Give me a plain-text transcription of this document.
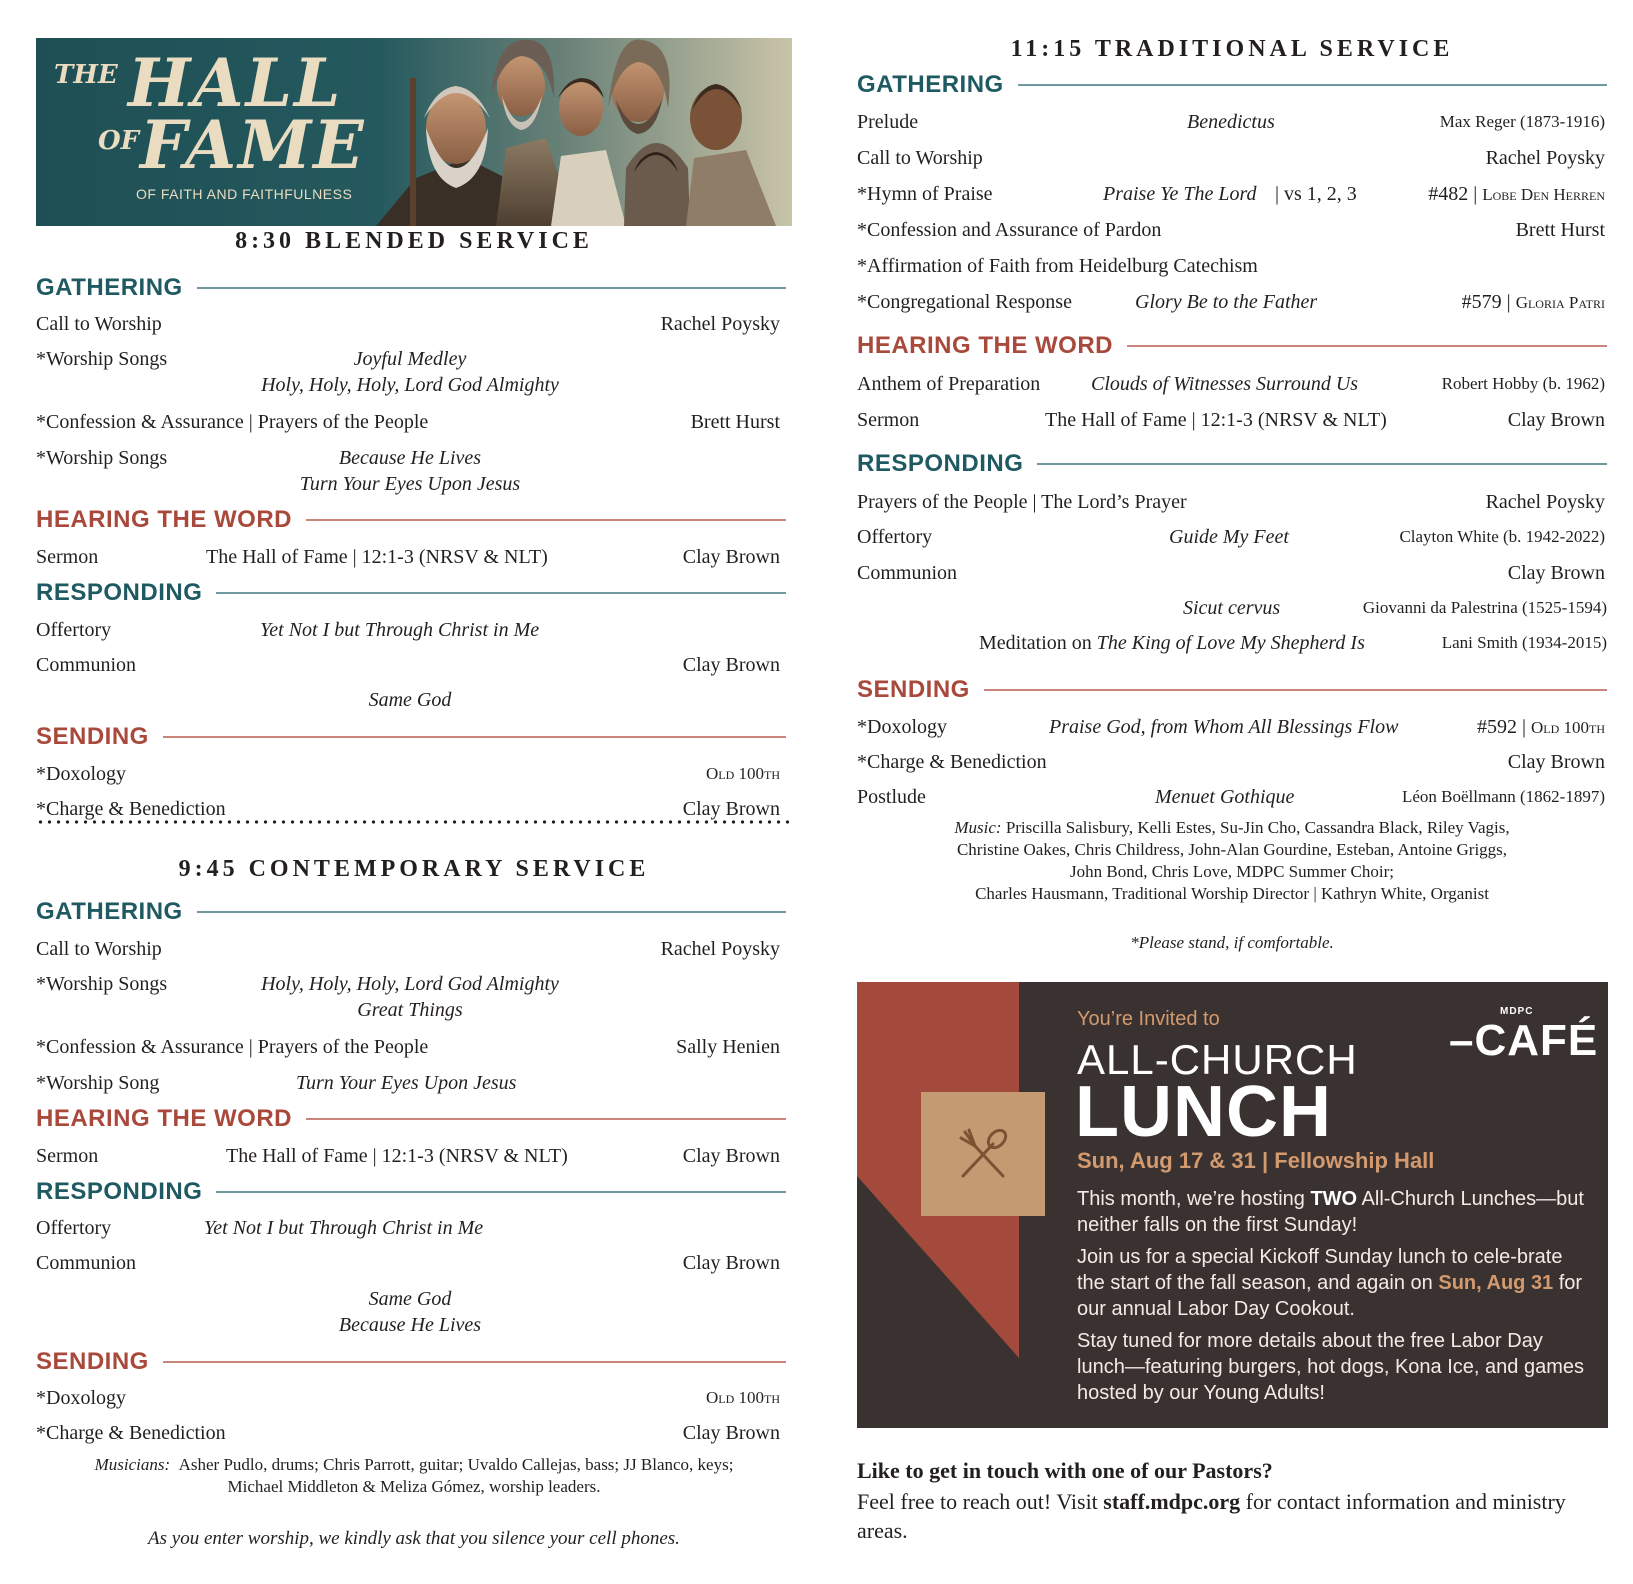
THE HALL
OF FAME
OF FAITH AND FAITHFULNESS
8:30 BLENDED SERVICE
GATHERING
Call to Worship	Rachel Poysky
*Worship Songs	Joyful Medley
Holy, Holy, Holy, Lord God Almighty
*Confession & Assurance | Prayers of the People	Brett Hurst
*Worship Songs	Because He Lives
Turn Your Eyes Upon Jesus
HEARING THE WORD
Sermon	The Hall of Fame | 12:1-3 (NRSV & NLT)	Clay Brown
RESPONDING
Offertory	Yet Not I but Through Christ in Me
Communion	Clay Brown
Same God
SENDING
*Doxology	Old 100th
*Charge & Benediction	Clay Brown
9:45 CONTEMPORARY SERVICE
GATHERING
Call to Worship	Rachel Poysky
*Worship Songs	Holy, Holy, Holy, Lord God Almighty
Great Things
*Confession & Assurance | Prayers of the People	Sally Henien
*Worship Song	Turn Your Eyes Upon Jesus
HEARING THE WORD
Sermon	The Hall of Fame | 12:1-3 (NRSV & NLT)	Clay Brown
RESPONDING
Offertory	Yet Not I but Through Christ in Me
Communion	Clay Brown
Same God
Because He Lives
SENDING
*Doxology	Old 100th
*Charge & Benediction	Clay Brown
Musicians: Asher Pudlo, drums; Chris Parrott, guitar; Uvaldo Callejas, bass; JJ Blanco, keys;
Michael Middleton & Meliza Gómez, worship leaders.
As you enter worship, we kindly ask that you silence your cell phones.
11:15 TRADITIONAL SERVICE
GATHERING
Prelude	Benedictus	Max Reger (1873-1916)
Call to Worship	Rachel Poysky
*Hymn of Praise	Praise Ye The Lord | vs 1, 2, 3	#482 | Lobe Den Herren
*Confession and Assurance of Pardon	Brett Hurst
*Affirmation of Faith from Heidelburg Catechism
*Congregational Response	Glory Be to the Father	#579 | Gloria Patri
HEARING THE WORD
Anthem of Preparation	Clouds of Witnesses Surround Us	Robert Hobby (b. 1962)
Sermon	The Hall of Fame | 12:1-3 (NRSV & NLT)	Clay Brown
RESPONDING
Prayers of the People | The Lord’s Prayer	Rachel Poysky
Offertory	Guide My Feet	Clayton White (b. 1942-2022)
Communion	Clay Brown
Sicut cervus	Giovanni da Palestrina (1525-1594)
Meditation on The King of Love My Shepherd Is	Lani Smith (1934-2015)
SENDING
*Doxology	Praise God, from Whom All Blessings Flow	#592 | Old 100th
*Charge & Benediction	Clay Brown
Postlude	Menuet Gothique	Léon Boëllmann (1862-1897)
Music: Priscilla Salisbury, Kelli Estes, Su-Jin Cho, Cassandra Black, Riley Vagis,
Christine Oakes, Chris Childress, John-Alan Gourdine, Esteban, Antoine Griggs,
John Bond, Chris Love, MDPC Summer Choir;
Charles Hausmann, Traditional Worship Director | Kathryn White, Organist
*Please stand, if comfortable.
You’re Invited to
ALL-CHURCH
LUNCH
Sun, Aug 17 & 31 | Fellowship Hall
This month, we’re hosting TWO All-Church Lunches—but neither falls on the first Sunday!
Join us for a special Kickoff Sunday lunch to cele-brate the start of the fall season, and again on Sun, Aug 31 for our annual Labor Day Cookout.
Stay tuned for more details about the free Labor Day lunch—featuring burgers, hot dogs, Kona Ice, and games hosted by our Young Adults!
MDPC
–CAFÉ
Like to get in touch with one of our Pastors?
Feel free to reach out! Visit staff.mdpc.org for contact information and ministry areas.
